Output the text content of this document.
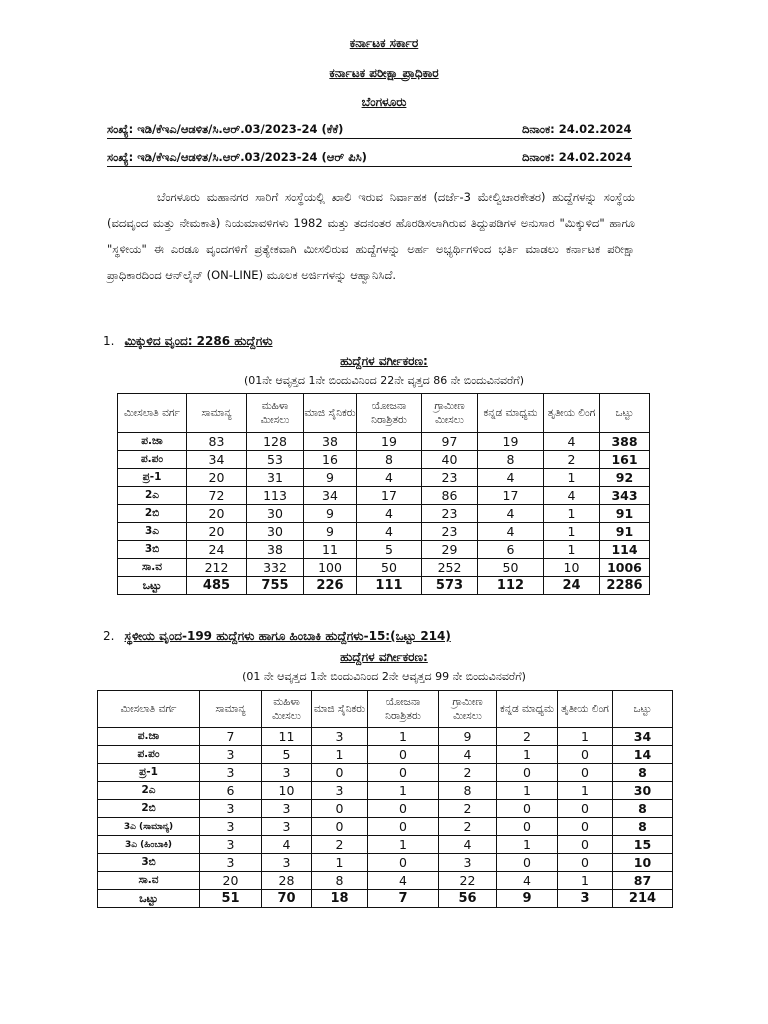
ಕರ್ನಾಟಕ ಸರ್ಕಾರ
ಕರ್ನಾಟಕ ಪರೀಕ್ಷಾ ಪ್ರಾಧಿಕಾರ
ಬೆಂಗಳೂರು
ಸಂಖ್ಯೆ: ಇಡಿ/ಕೆಇಎ/ಆಡಳಿತ/ಸಿ.ಆರ್.03/2023-24 (ಕೆಕೆ)	ದಿನಾಂಕ: 24.02.2024
ಸಂಖ್ಯೆ: ಇಡಿ/ಕೆಇಎ/ಆಡಳಿತ/ಸಿ.ಆರ್.03/2023-24 (ಆರ್ ಪಿಸಿ)	ದಿನಾಂಕ: 24.02.2024
ಬೆಂಗಳೂರು ಮಹಾನಗರ ಸಾರಿಗೆ ಸಂಸ್ಥೆಯಲ್ಲಿ ಖಾಲಿ ಇರುವ ನಿರ್ವಾಹಕ (ದರ್ಜೆ-3 ಮೇಲ್ವಿಚಾರಕೇತರ) ಹುದ್ದೆಗಳನ್ನು ಸಂಸ್ಥೆಯ (ವದವೃಂದ ಮತ್ತು ನೇಮಕಾತಿ) ನಿಯಮಾವಳಿಗಳು 1982 ಮತ್ತು ತದನಂತರ ಹೊರಡಿಸಲಾಗಿರುವ ತಿದ್ದುಪಡಿಗಳ ಅನುಸಾರ "ಮಿಕ್ಕುಳಿದ" ಹಾಗೂ "ಸ್ಥಳೀಯ" ಈ ಎರಡೂ ವೃಂದಗಳಿಗೆ ಪ್ರತ್ಯೇಕವಾಗಿ ಮೀಸಲಿರುವ ಹುದ್ದೆಗಳನ್ನು ಅರ್ಹ ಅಭ್ಯರ್ಥಿಗಳಿಂದ ಭರ್ತಿ ಮಾಡಲು ಕರ್ನಾಟಕ ಪರೀಕ್ಷಾ ಪ್ರಾಧಿಕಾರದಿಂದ ಆನ್‌ಲೈನ್ (ON-LINE) ಮೂಲಕ ಅರ್ಜಿಗಳನ್ನು ಆಹ್ವಾನಿಸಿದೆ.
1. ಮಿಕ್ಕುಳಿದ ವೃಂದ: 2286 ಹುದ್ದೆಗಳು
ಹುದ್ದೆಗಳ ವರ್ಗೀಕರಣ:
(01ನೇ ಆವೃತ್ತದ 1ನೇ ಬಿಂದುವಿನಿಂದ 22ನೇ ವೃತ್ತದ 86 ನೇ ಬಿಂದುವಿನವರೆಗೆ)
ಮೀಸಲಾತಿ ವರ್ಗ	ಸಾಮಾನ್ಯ	ಮಹಿಳಾ ಮೀಸಲು	ಮಾಜಿ ಸೈನಿಕರು	ಯೋಜನಾ ನಿರಾಶ್ರಿತರು	ಗ್ರಾಮೀಣ ಮೀಸಲು	ಕನ್ನಡ ಮಾಧ್ಯಮ	ತೃತೀಯ ಲಿಂಗ	ಒಟ್ಟು
ಪ.ಜಾ	83	128	38	19	97	19	4	388
ಪ.ಪಂ	34	53	16	8	40	8	2	161
ಪ್ರ-1	20	31	9	4	23	4	1	92
2ಎ	72	113	34	17	86	17	4	343
2ಬಿ	20	30	9	4	23	4	1	91
3ಎ	20	30	9	4	23	4	1	91
3ಬಿ	24	38	11	5	29	6	1	114
ಸಾ.ವ	212	332	100	50	252	50	10	1006
ಒಟ್ಟು	485	755	226	111	573	112	24	2286
2. ಸ್ಥಳೀಯ ವೃಂದ-199 ಹುದ್ದೆಗಳು ಹಾಗೂ ಹಿಂಬಾಕಿ ಹುದ್ದೆಗಳು-15:(ಒಟ್ಟು 214)
ಹುದ್ದೆಗಳ ವರ್ಗೀಕರಣ:
(01 ನೇ ಆವೃತ್ತದ 1ನೇ ಬಿಂದುವಿನಿಂದ 2ನೇ ಆವೃತ್ತದ 99 ನೇ ಬಿಂದುವಿನವರೆಗೆ)
ಮೀಸಲಾತಿ ವರ್ಗ	ಸಾಮಾನ್ಯ	ಮಹಿಳಾ ಮೀಸಲು	ಮಾಜಿ ಸೈನಿಕರು	ಯೋಜನಾ ನಿರಾಶ್ರಿತರು	ಗ್ರಾಮೀಣ ಮೀಸಲು	ಕನ್ನಡ ಮಾಧ್ಯಮ	ತೃತೀಯ ಲಿಂಗ	ಒಟ್ಟು
ಪ.ಜಾ	7	11	3	1	9	2	1	34
ಪ.ಪಂ	3	5	1	0	4	1	0	14
ಪ್ರ-1	3	3	0	0	2	0	0	8
2ಎ	6	10	3	1	8	1	1	30
2ಬಿ	3	3	0	0	2	0	0	8
3ಎ (ಸಾಮಾನ್ಯ)	3	3	0	0	2	0	0	8
3ಎ (ಹಿಂಬಾಕಿ)	3	4	2	1	4	1	0	15
3ಬಿ	3	3	1	0	3	0	0	10
ಸಾ.ವ	20	28	8	4	22	4	1	87
ಒಟ್ಟು	51	70	18	7	56	9	3	214
